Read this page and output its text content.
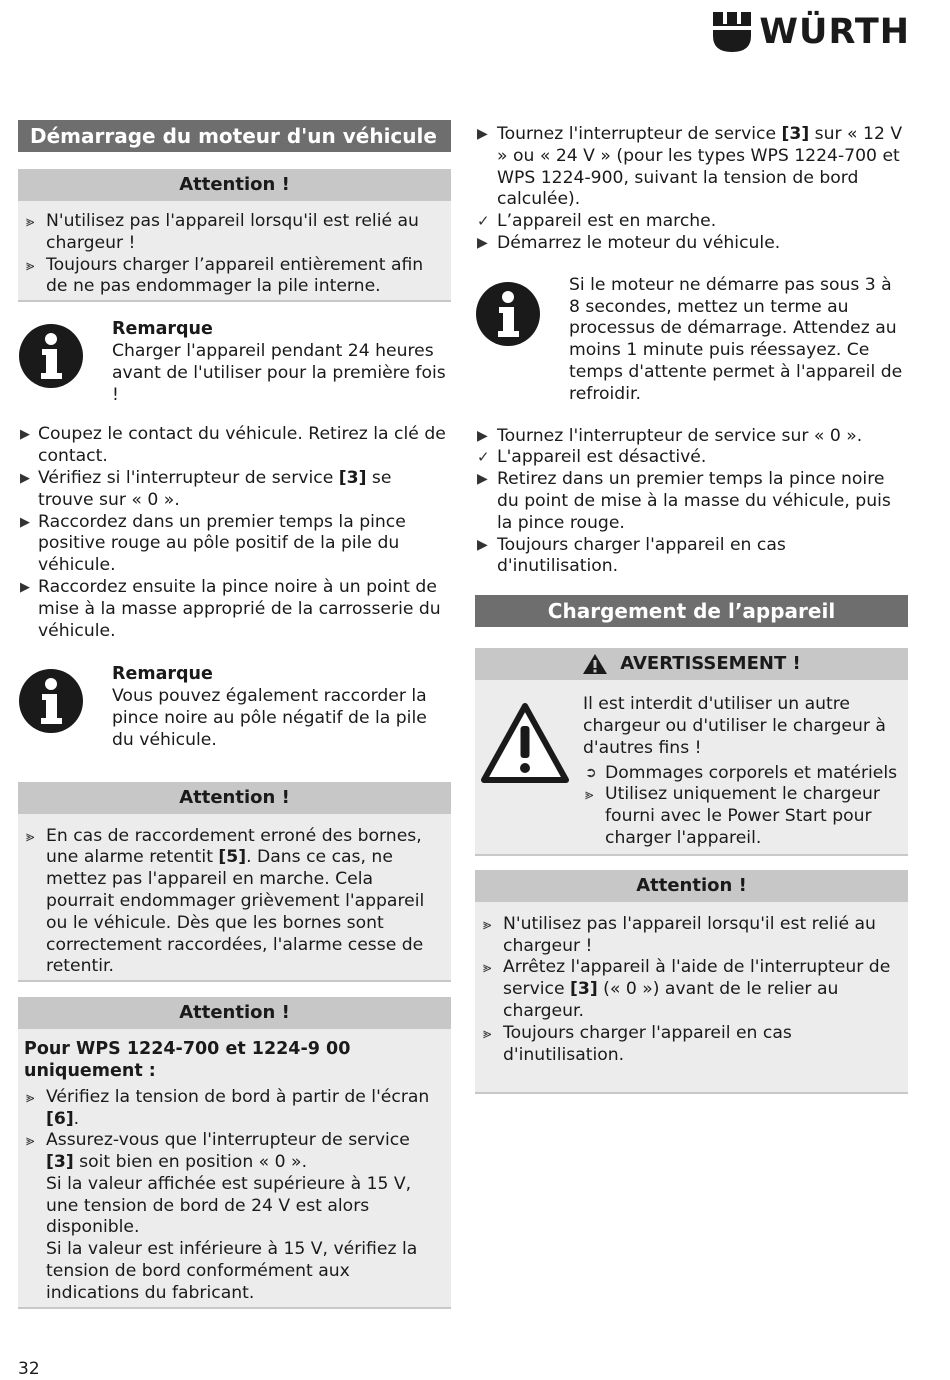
WÜRTH
Démarrage du moteur d'un véhicule
Attention !
⪢ N'utilisez pas l'appareil lorsqu'il est relié au chargeur !
⪢ Toujours charger l’appareil entièrement afin de ne pas endommager la pile interne.
Remarque
Charger l'appareil pendant 24 heures avant de l'utiliser pour la première fois !
▶ Coupez le contact du véhicule. Retirez la clé de contact.
▶ Vérifiez si l'interrupteur de service [3] se trouve sur « 0 ».
▶ Raccordez dans un premier temps la pince positive rouge au pôle positif de la pile du véhicule.
▶ Raccordez ensuite la pince noire à un point de mise à la masse approprié de la carrosserie du véhicule.
Remarque
Vous pouvez également raccorder la pince noire au pôle négatif de la pile du véhicule.
Attention !
⪢ En cas de raccordement erroné des bornes, une alarme retentit [5]. Dans ce cas, ne mettez pas l'appareil en marche. Cela pourrait endommager grièvement l'appareil ou le véhicule. Dès que les bornes sont correctement raccordées, l'alarme cesse de retentir.
Attention !
Pour WPS 1224-700 et 1224-9 00 uniquement :
⪢ Vérifiez la tension de bord à partir de l'écran [6].
⪢ Assurez-vous que l'interrupteur de service [3] soit bien en position « 0 ».
Si la valeur affichée est supérieure à 15 V, une tension de bord de 24 V est alors disponible.
Si la valeur est inférieure à 15 V, vérifiez la tension de bord conformément aux indications du fabricant.
▶ Tournez l'interrupteur de service [3] sur « 12 V » ou « 24 V » (pour les types WPS 1224-700 et WPS 1224-900, suivant la tension de bord calculée).
✓ L’appareil est en marche.
▶ Démarrez le moteur du véhicule.
Si le moteur ne démarre pas sous 3 à 8 secondes, mettez un terme au processus de démarrage. Attendez au moins 1 minute puis réessayez. Ce temps d'attente permet à l'appareil de refroidir.
▶ Tournez l'interrupteur de service sur « 0 ».
✓ L'appareil est désactivé.
▶ Retirez dans un premier temps la pince noire du point de mise à la masse du véhicule, puis la pince rouge.
▶ Toujours charger l'appareil en cas d'inutilisation.
Chargement de l’appareil
AVERTISSEMENT !
Il est interdit d'utiliser un autre chargeur ou d'utiliser le chargeur à d'autres fins !
➲ Dommages corporels et matériels
⪢ Utilisez uniquement le chargeur fourni avec le Power Start pour charger l'appareil.
Attention !
⪢ N'utilisez pas l'appareil lorsqu'il est relié au chargeur !
⪢ Arrêtez l'appareil à l'aide de l'interrupteur de service [3] (« 0 ») avant de le relier au chargeur.
⪢ Toujours charger l'appareil en cas d'inutilisation.
32
